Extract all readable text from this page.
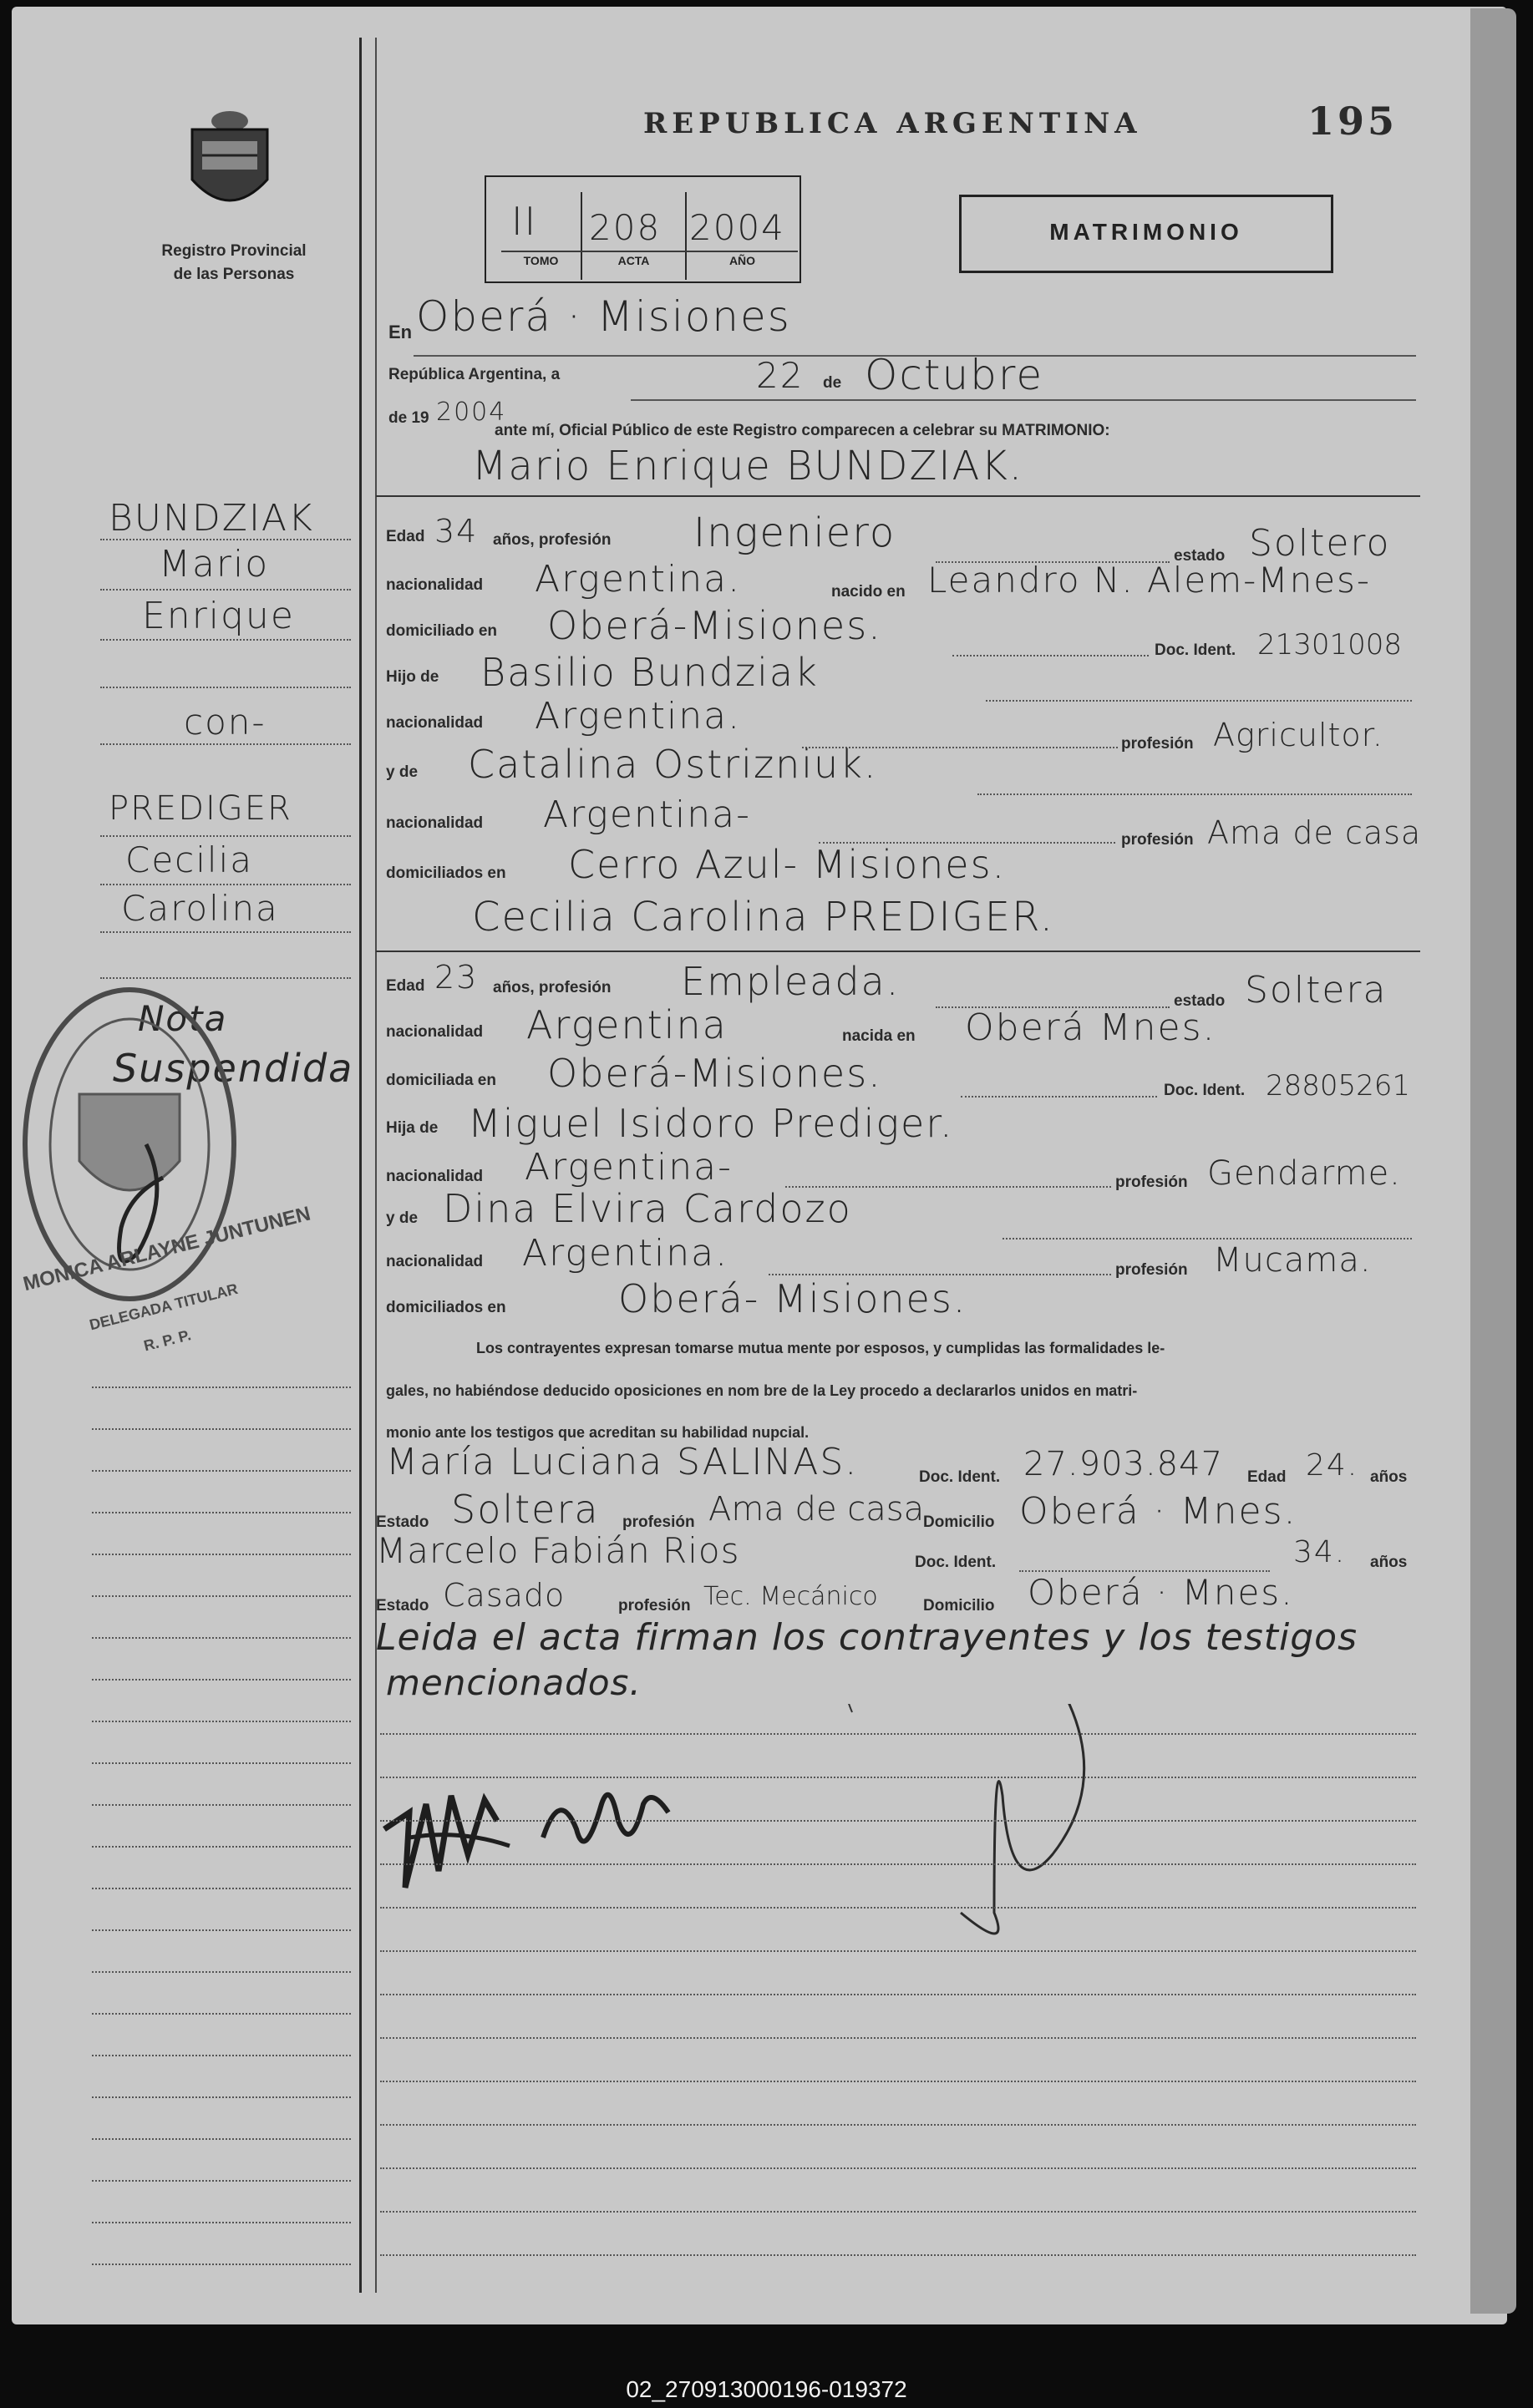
Registro Provincial
de las Personas
REPUBLICA ARGENTINA	195
II 208 2004
TOMO	ACTA	AÑO
MATRIMONIO
En Oberá · Misiones
República Argentina, a	22 de Octubre
de 19 2004
ante mí, Oficial Público de este Registro comparecen a celebrar su MATRIMONIO:
Mario Enrique BUNDZIAK.
Edad 34 años, profesión Ingeniero	estado Soltero
nacionalidad Argentina.	nacido en Leandro N. Alem-Mnes-
domiciliado en Oberá-Misiones.
Doc. Ident. 21301008
Hijo de Basilio Bundziak
nacionalidad Argentina.
profesión Agricultor.
y de Catalina Ostrizniuk.
nacionalidad Argentina-
profesión Ama de casa
domiciliados en Cerro Azul- Misiones.
Cecilia Carolina PREDIGER.
Edad 23 años, profesión Empleada.	estado Soltera
nacionalidad Argentina	nacida en Oberá Mnes.
domiciliada en Oberá-Misiones.	Doc. Ident. 28805261
Hija de Miguel Isidoro Prediger.
nacionalidad Argentina-	profesión Gendarme.
y de Dina Elvira Cardozo
nacionalidad Argentina.	profesión Mucama.
domiciliados en	Oberá- Misiones.
Los contrayentes expresan tomarse mutua mente por esposos, y cumplidas las formalidades le-
gales, no habiéndose deducido oposiciones en nom bre de la Ley procedo a declararlos unidos en matri-
monio ante los testigos que acreditan su habilidad nupcial.
María Luciana SALINAS.	Doc. Ident. 27.903.847 Edad 24. años
Estado Soltera profesión Ama de casa
Domicilio Oberá · Mnes.
Marcelo Fabián Rios	Doc. Ident.	34. años
Estado Casado	profesión Tec. Mecánico	Domicilio Oberá · Mnes.
Leida el acta firman los contrayentes y los testigos
mencionados.
BUNDZIAK
Mario
Enrique
con-
PREDIGER
Cecilia
Carolina
Nota
Suspendida
MONICA ARLAYNE JUNTUNEN
DELEGADA TITULAR
R. P. P.
02_270913000196-019372
